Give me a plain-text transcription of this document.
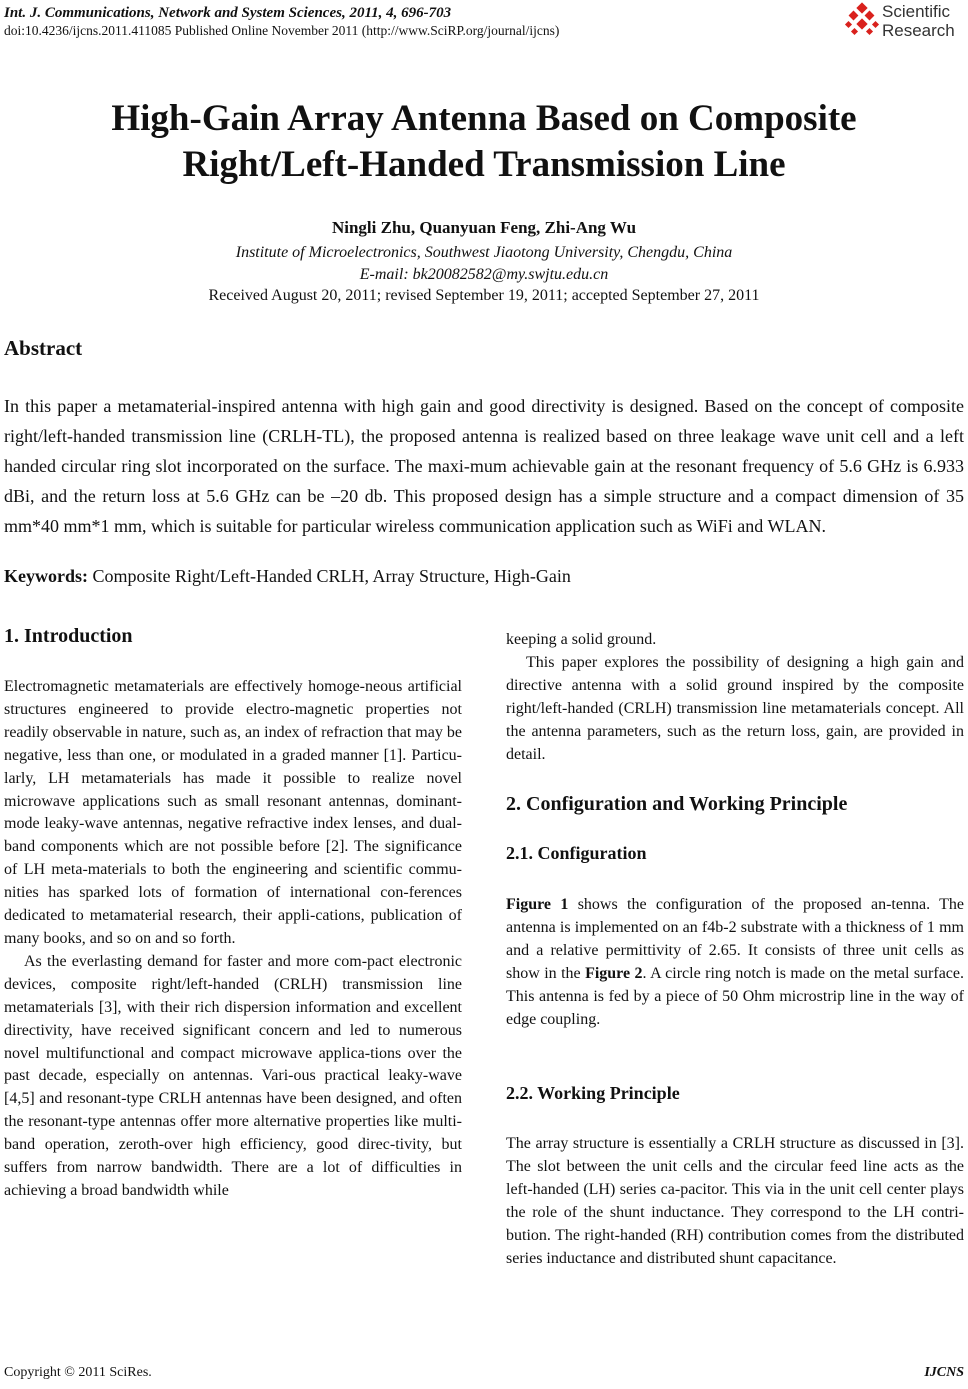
Int. J. Communications, Network and System Sciences, 2011, 4, 696-703
doi:10.4236/ijcns.2011.411085 Published Online November 2011 (http://www.SciRP.org/journal/ijcns)
Scientific
Research
High-Gain Array Antenna Based on Composite
Right/Left-Handed Transmission Line
Ningli Zhu, Quanyuan Feng, Zhi-Ang Wu
Institute of Microelectronics, Southwest Jiaotong University, Chengdu, China
E-mail: bk20082582@my.swjtu.edu.cn
Received August 20, 2011; revised September 19, 2011; accepted September 27, 2011
Abstract
In this paper a metamaterial-inspired antenna with high gain and good directivity is designed. Based on the concept of composite right/left-handed transmission line (CRLH-TL), the proposed antenna is realized based on three leakage wave unit cell and a left handed circular ring slot incorporated on the surface. The maxi-mum achievable gain at the resonant frequency of 5.6 GHz is 6.933 dBi, and the return loss at 5.6 GHz can be –20 db. This proposed design has a simple structure and a compact dimension of 35 mm*40 mm*1 mm, which is suitable for particular wireless communication application such as WiFi and WLAN.
Keywords: Composite Right/Left-Handed CRLH, Array Structure, High-Gain
1. Introduction

Electromagnetic metamaterials are effectively homoge-neous artificial structures engineered to provide electro-magnetic properties not readily observable in nature, such as, an index of refraction that may be negative, less than one, or modulated in a graded manner [1]. Particu-larly, LH metamaterials has made it possible to realize novel microwave applications such as small resonant antennas, dominant-mode leaky-wave antennas, negative refractive index lenses, and dual-band components which are not possible before [2]. The significance of LH meta-materials to both the engineering and scientific commu-nities has sparked lots of formation of international con-ferences dedicated to metamaterial research, their appli-cations, publication of many books, and so on and so forth.

As the everlasting demand for faster and more com-pact electronic devices, composite right/left-handed (CRLH) transmission line metamaterials [3], with their rich dispersion information and excellent directivity, have received significant concern and led to numerous novel multifunctional and compact microwave applica-tions over the past decade, especially on antennas. Vari-ous practical leaky-wave [4,5] and resonant-type CRLH antennas have been designed, and often the resonant-type antennas offer more alternative properties like multi-band operation, zeroth-over high efficiency, good direc-tivity, but suffers from narrow bandwidth. There are a lot of difficulties in achieving a broad bandwidth while

keeping a solid ground.

This paper explores the possibility of designing a high gain and directive antenna with a solid ground inspired by the composite right/left-handed (CRLH) transmission line metamaterials concept. All the antenna parameters, such as the return loss, gain, are provided in detail.

2. Configuration and Working Principle
2.1. Configuration

Figure 1 shows the configuration of the proposed an-tenna. The antenna is implemented on an f4b-2 substrate with a thickness of 1 mm and a relative permittivity of 2.65. It consists of three unit cells as show in the Figure 2. A circle ring notch is made on the metal surface. This antenna is fed by a piece of 50 Ohm microstrip line in the way of edge coupling.

2.2. Working Principle

The array structure is essentially a CRLH structure as discussed in [3]. The slot between the unit cells and the circular feed line acts as the left-handed (LH) series ca-pacitor. This via in the unit cell center plays the role of the shunt inductance. They correspond to the LH contri-bution. The right-handed (RH) contribution comes from the distributed series inductance and distributed shunt capacitance.

Copyright © 2011 SciRes.	IJCNS
